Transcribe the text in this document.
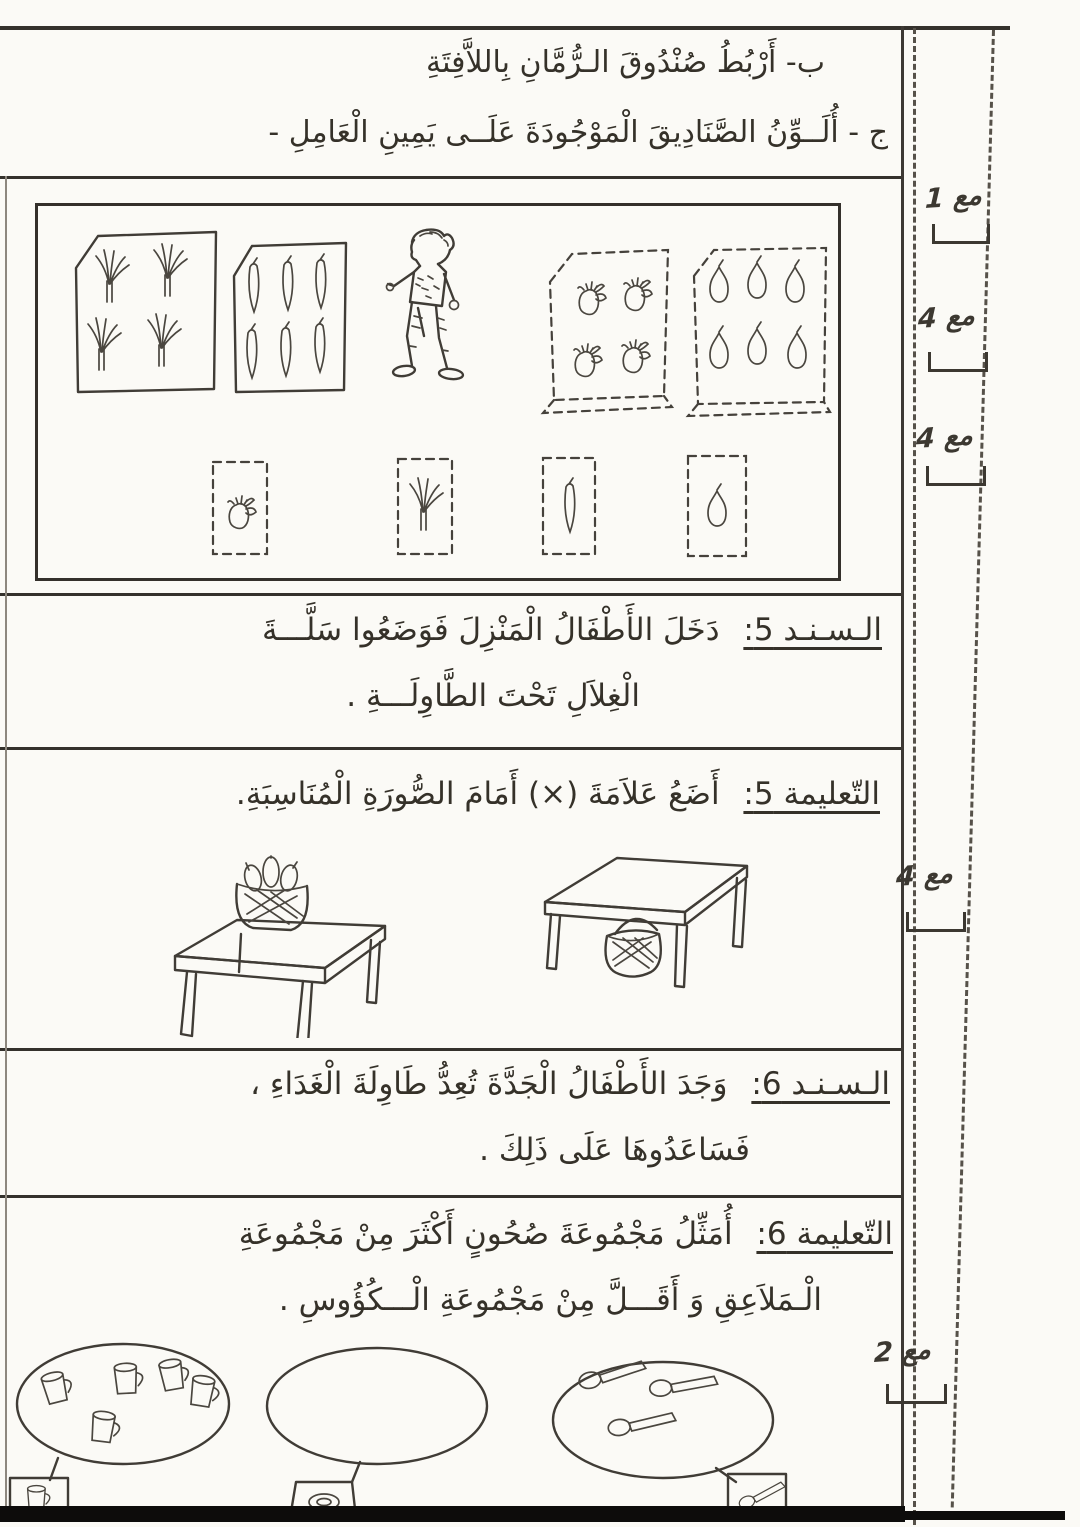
ب- أَرْبُطُ صُنْدُوقَ الـرُّمَّانِ بِاللاَّفِتَةِ
ج - أُلَــوِّنُ الصَّنَادِيقَ الْمَوْجُودَةَ عَلَــى يَمِينِ الْعَامِلِ -
الـسـنـد 5: دَخَلَ الأَطْفَالُ الْمَنْزِلَ فَوَضَعُوا سَلَّـــةَ
الْغِلاَلِ تَحْتَ الطَّاوِلَـــةِ .
التّعليمة 5: أَضَعُ عَلاَمَةَ (×) أَمَامَ الصُّورَةِ الْمُنَاسِبَةِ.
الـسـنـد 6: وَجَدَ الأَطْفَالُ الْجَدَّةَ تُعِدُّ طَاوِلَةَ الْغَدَاءِ ،
فَسَاعَدُوهَا عَلَى ذَلِكَ .
التّعليمة 6: أُمَثِّلُ مَجْمُوعَةَ صُحُونٍ أَكْثَرَ مِنْ مَجْمُوعَةِ
الْـمَلاَعِقِ وَ أَقَـــلَّ مِنْ مَجْمُوعَةِ الْـــكُؤُوسِ .
مع 1
مع 4
مع 4
مع 4
مع 2
